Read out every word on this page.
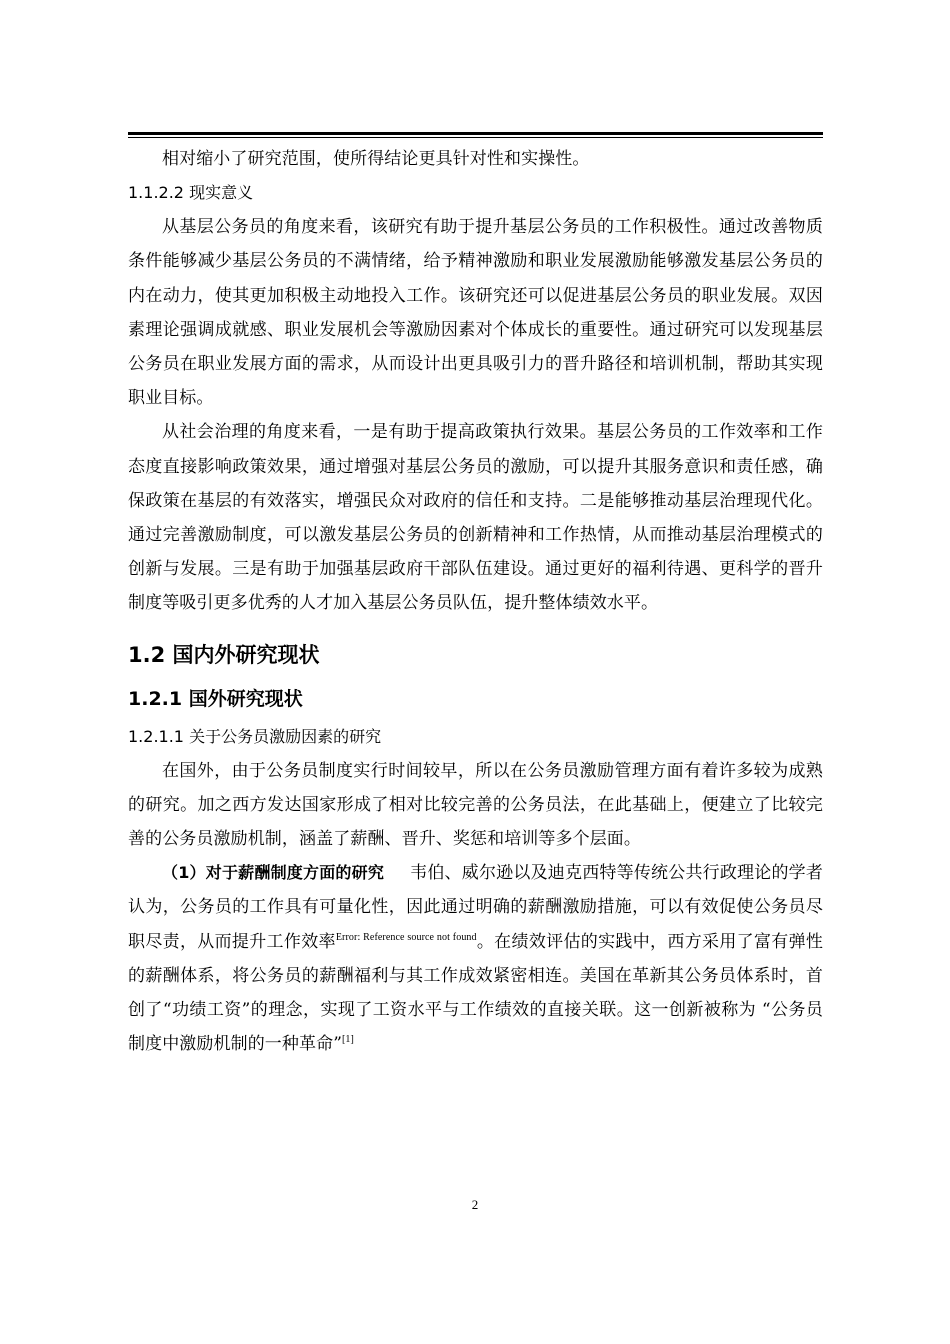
相对缩小了研究范围，使所得结论更具针对性和实操性。

1.1.2.2 现实意义

从基层公务员的角度来看，该研究有助于提升基层公务员的工作积极性。通过改善物质条件能够减少基层公务员的不满情绪，给予精神激励和职业发展激励能够激发基层公务员的内在动力，使其更加积极主动地投入工作。该研究还可以促进基层公务员的职业发展。双因素理论强调成就感、职业发展机会等激励因素对个体成长的重要性。通过研究可以发现基层公务员在职业发展方面的需求，从而设计出更具吸引力的晋升路径和培训机制，帮助其实现职业目标。

从社会治理的角度来看，一是有助于提高政策执行效果。基层公务员的工作效率和工作态度直接影响政策效果，通过增强对基层公务员的激励，可以提升其服务意识和责任感，确保政策在基层的有效落实，增强民众对政府的信任和支持。二是能够推动基层治理现代化。通过完善激励制度，可以激发基层公务员的创新精神和工作热情，从而推动基层治理模式的创新与发展。三是有助于加强基层政府干部队伍建设。通过更好的福利待遇、更科学的晋升制度等吸引更多优秀的人才加入基层公务员队伍，提升整体绩效水平。

1.2 国内外研究现状
1.2.1 国外研究现状

1.2.1.1 关于公务员激励因素的研究

在国外，由于公务员制度实行时间较早，所以在公务员激励管理方面有着许多较为成熟的研究。加之西方发达国家形成了相对比较完善的公务员法，在此基础上，便建立了比较完善的公务员激励机制，涵盖了薪酬、晋升、奖惩和培训等多个层面。

（1）对于薪酬制度方面的研究 韦伯、威尔逊以及迪克西特等传统公共行政理论的学者认为，公务员的工作具有可量化性，因此通过明确的薪酬激励措施，可以有效促使公务员尽职尽责，从而提升工作效率$^{Error: Reference source not found}$。在绩效评估的实践中，西方采用了富有弹性的薪酬体系，将公务员的薪酬福利与其工作成效紧密相连。美国在革新其公务员体系时，首创了“功绩工资”的理念，实现了工资水平与工作绩效的直接关联。这一创新被称为 “公务员制度中激励机制的一种革命”[1]

2
